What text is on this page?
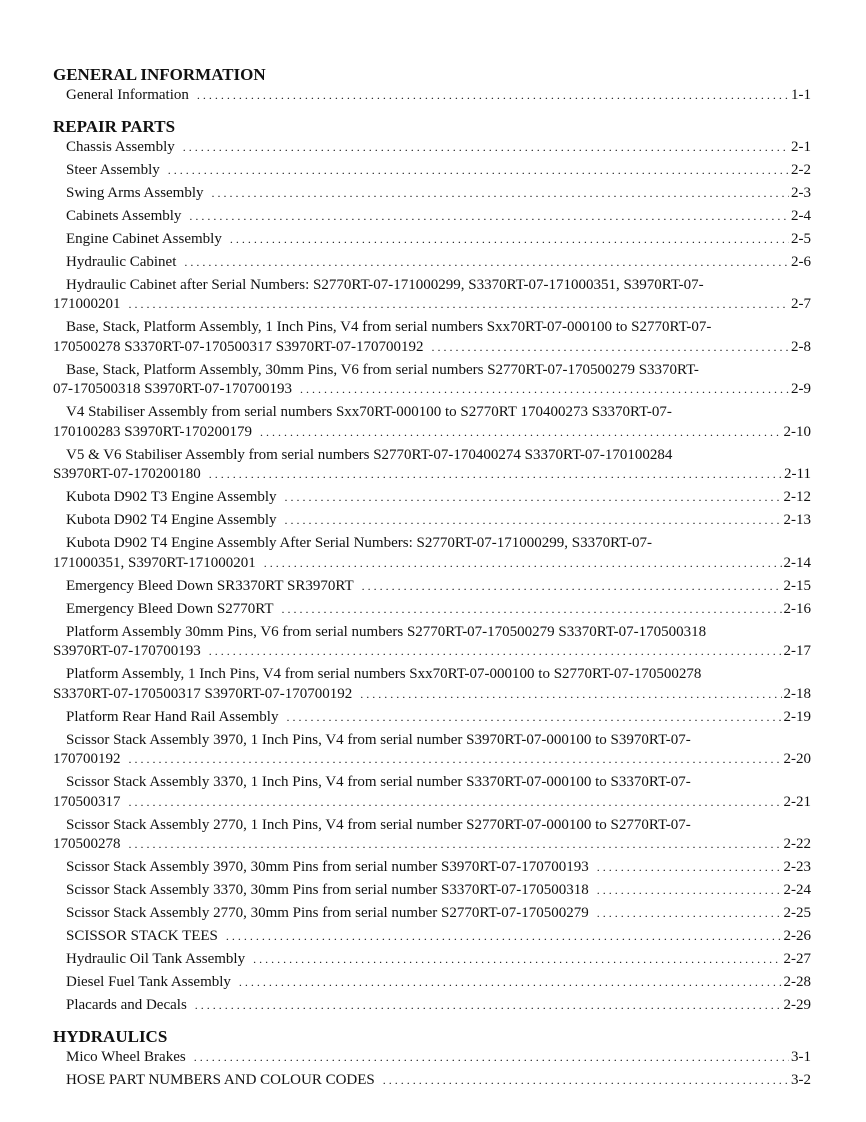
GENERAL INFORMATION
General Information . . .	1-1
REPAIR PARTS
Chassis Assembly . . .	2-1
Steer Assembly . . .	2-2
Swing Arms Assembly . . .	2-3
Cabinets Assembly . . .	2-4
Engine Cabinet Assembly . . .	2-5
Hydraulic Cabinet . . .	2-6
Hydraulic Cabinet after Serial Numbers: S2770RT-07-171000299, S3370RT-07-171000351, S3970RT-07-
171000201 . . .	2-7
Base, Stack, Platform Assembly, 1 Inch Pins, V4 from serial numbers Sxx70RT-07-000100 to S2770RT-07-
170500278 S3370RT-07-170500317 S3970RT-07-170700192 . . .	2-8
Base, Stack, Platform Assembly, 30mm Pins, V6 from serial numbers S2770RT-07-170500279 S3370RT-
07-170500318 S3970RT-07-170700193 . . .	2-9
V4 Stabiliser Assembly from serial numbers Sxx70RT-000100 to S2770RT 170400273 S3370RT-07-
170100283 S3970RT-170200179 . . .	2-10
V5 & V6 Stabiliser Assembly from serial numbers S2770RT-07-170400274 S3370RT-07-170100284
S3970RT-07-170200180 . . .	2-11
Kubota D902 T3 Engine Assembly . . .	2-12
Kubota D902 T4 Engine Assembly . . .	2-13
Kubota D902 T4 Engine Assembly After Serial Numbers: S2770RT-07-171000299, S3370RT-07-
171000351, S3970RT-171000201 . . .	2-14
Emergency Bleed Down SR3370RT SR3970RT . . .	2-15
Emergency Bleed Down S2770RT . . .	2-16
Platform Assembly 30mm Pins, V6 from serial numbers S2770RT-07-170500279 S3370RT-07-170500318
S3970RT-07-170700193 . . .	2-17
Platform Assembly, 1 Inch Pins, V4 from serial numbers Sxx70RT-07-000100 to S2770RT-07-170500278
S3370RT-07-170500317 S3970RT-07-170700192 . . .	2-18
Platform Rear Hand Rail Assembly . . .	2-19
Scissor Stack Assembly 3970, 1 Inch Pins, V4 from serial number S3970RT-07-000100 to S3970RT-07-
170700192 . . .	2-20
Scissor Stack Assembly 3370, 1 Inch Pins, V4 from serial number S3370RT-07-000100 to S3370RT-07-
170500317 . . .	2-21
Scissor Stack Assembly 2770, 1 Inch Pins, V4 from serial number S2770RT-07-000100 to S2770RT-07-
170500278 . . .	2-22
Scissor Stack Assembly 3970, 30mm Pins from serial number S3970RT-07-170700193 . . .	2-23
Scissor Stack Assembly 3370, 30mm Pins from serial number S3370RT-07-170500318 . . .	2-24
Scissor Stack Assembly 2770, 30mm Pins from serial number S2770RT-07-170500279 . . .	2-25
SCISSOR STACK TEES . . .	2-26
Hydraulic Oil Tank Assembly . . .	2-27
Diesel Fuel Tank Assembly . . .	2-28
Placards and Decals . . .	2-29
HYDRAULICS
Mico Wheel Brakes . . .	3-1
HOSE PART NUMBERS AND COLOUR CODES . . .	3-2
